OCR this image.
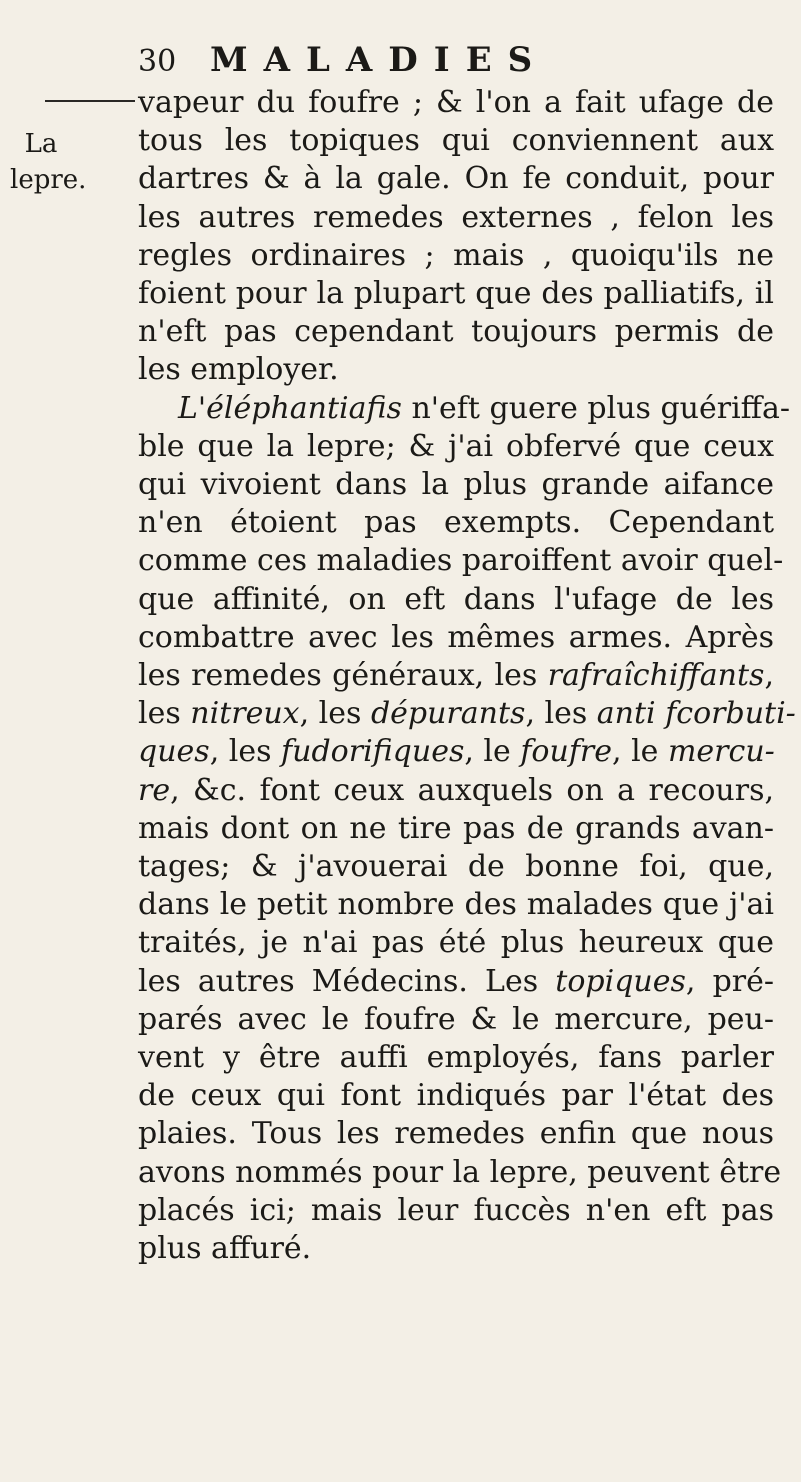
30 MALADIES
La
lepre.
vapeur du foufre ; & l'on a fait ufage de
tous les topiques qui conviennent aux
dartres & à la gale. On fe conduit, pour
les autres remedes externes , felon les
regles ordinaires ; mais , quoiqu'ils ne
foient pour la plupart que des palliatifs, il
n'eft pas cependant toujours permis de
les employer.
L'éléphantiafis n'eft guere plus guériffa-
ble que la lepre; & j'ai obfervé que ceux
qui vivoient dans la plus grande aifance
n'en étoient pas exempts. Cependant
comme ces maladies paroiffent avoir quel-
que affinité, on eft dans l'ufage de les
combattre avec les mêmes armes. Après
les remedes généraux, les rafraîchiffants,
les nitreux, les dépurants, les anti fcorbuti-
ques, les fudorifiques, le foufre, le mercu-
re, &c. font ceux auxquels on a recours,
mais dont on ne tire pas de grands avan-
tages; & j'avouerai de bonne foi, que,
dans le petit nombre des malades que j'ai
traités, je n'ai pas été plus heureux que
les autres Médecins. Les topiques, pré-
parés avec le foufre & le mercure, peu-
vent y être auffi employés, fans parler
de ceux qui font indiqués par l'état des
plaies. Tous les remedes enfin que nous
avons nommés pour la lepre, peuvent être
placés ici; mais leur fuccès n'en eft pas
plus affuré.
